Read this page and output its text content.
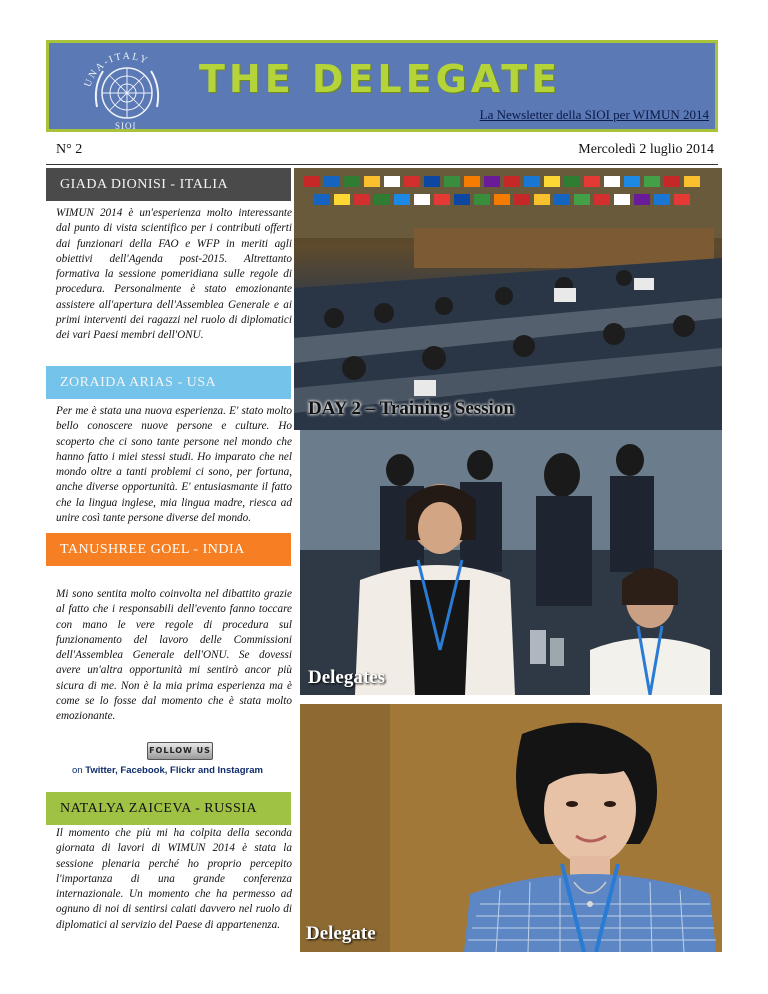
UNA-ITALY
SIOI
THE DELEGATE
La Newsletter della SIOI per WIMUN 2014
N° 2	Mercoledì 2 luglio 2014
GIADA DIONISI - ITALIA
WIMUN 2014 è un'esperienza molto interessante dal punto di vista scientifico per i contributi offerti dai funzionari della FAO e WFP in meriti agli obiettivi dell'Agenda post-2015. Altrettanto formativa la sessione pomeridiana sulle regole di procedura. Personalmente è stato emozionante assistere all'apertura dell'Assemblea Generale e ai primi interventi dei ragazzi nel ruolo di diplomatici dei vari Paesi membri dell'ONU.
ZORAIDA ARIAS - USA
Per me è stata una nuova esperienza. E' stato molto bello conoscere nuove persone e culture. Ho scoperto che ci sono tante persone nel mondo che hanno fatto i miei stessi studi. Ho imparato che nel mondo oltre a tanti problemi ci sono, per fortuna, anche diverse opportunità. E' entusiasmante il fatto che la lingua inglese, mia lingua madre, riesca ad unire così tante persone diverse del mondo.
TANUSHREE GOEL - INDIA
Mi sono sentita molto coinvolta nel dibattito grazie al fatto che i responsabili dell'evento fanno toccare con mano le vere regole di procedura sul funzionamento del lavoro delle Commissioni dell'Assemblea Generale dell'ONU. Se dovessi avere un'altra opportunità mi sentirò ancor più sicura di me. Non è la mia prima esperienza ma è come se lo fosse dal momento che è stata molto emozionante.
FOLLOW US
on Twitter, Facebook, Flickr and Instagram
NATALYA ZAICEVA - RUSSIA
Il momento che più mi ha colpita della seconda giornata di lavori di WIMUN 2014 è stata la sessione plenaria perché ho proprio percepito l'importanza di una grande conferenza internazionale. Un momento che ha permesso ad ognuno di noi di sentirsi calati davvero nel ruolo di diplomatici al servizio del Paese di appartenenza.
DAY 2 – Training Session
Delegates
Delegate
